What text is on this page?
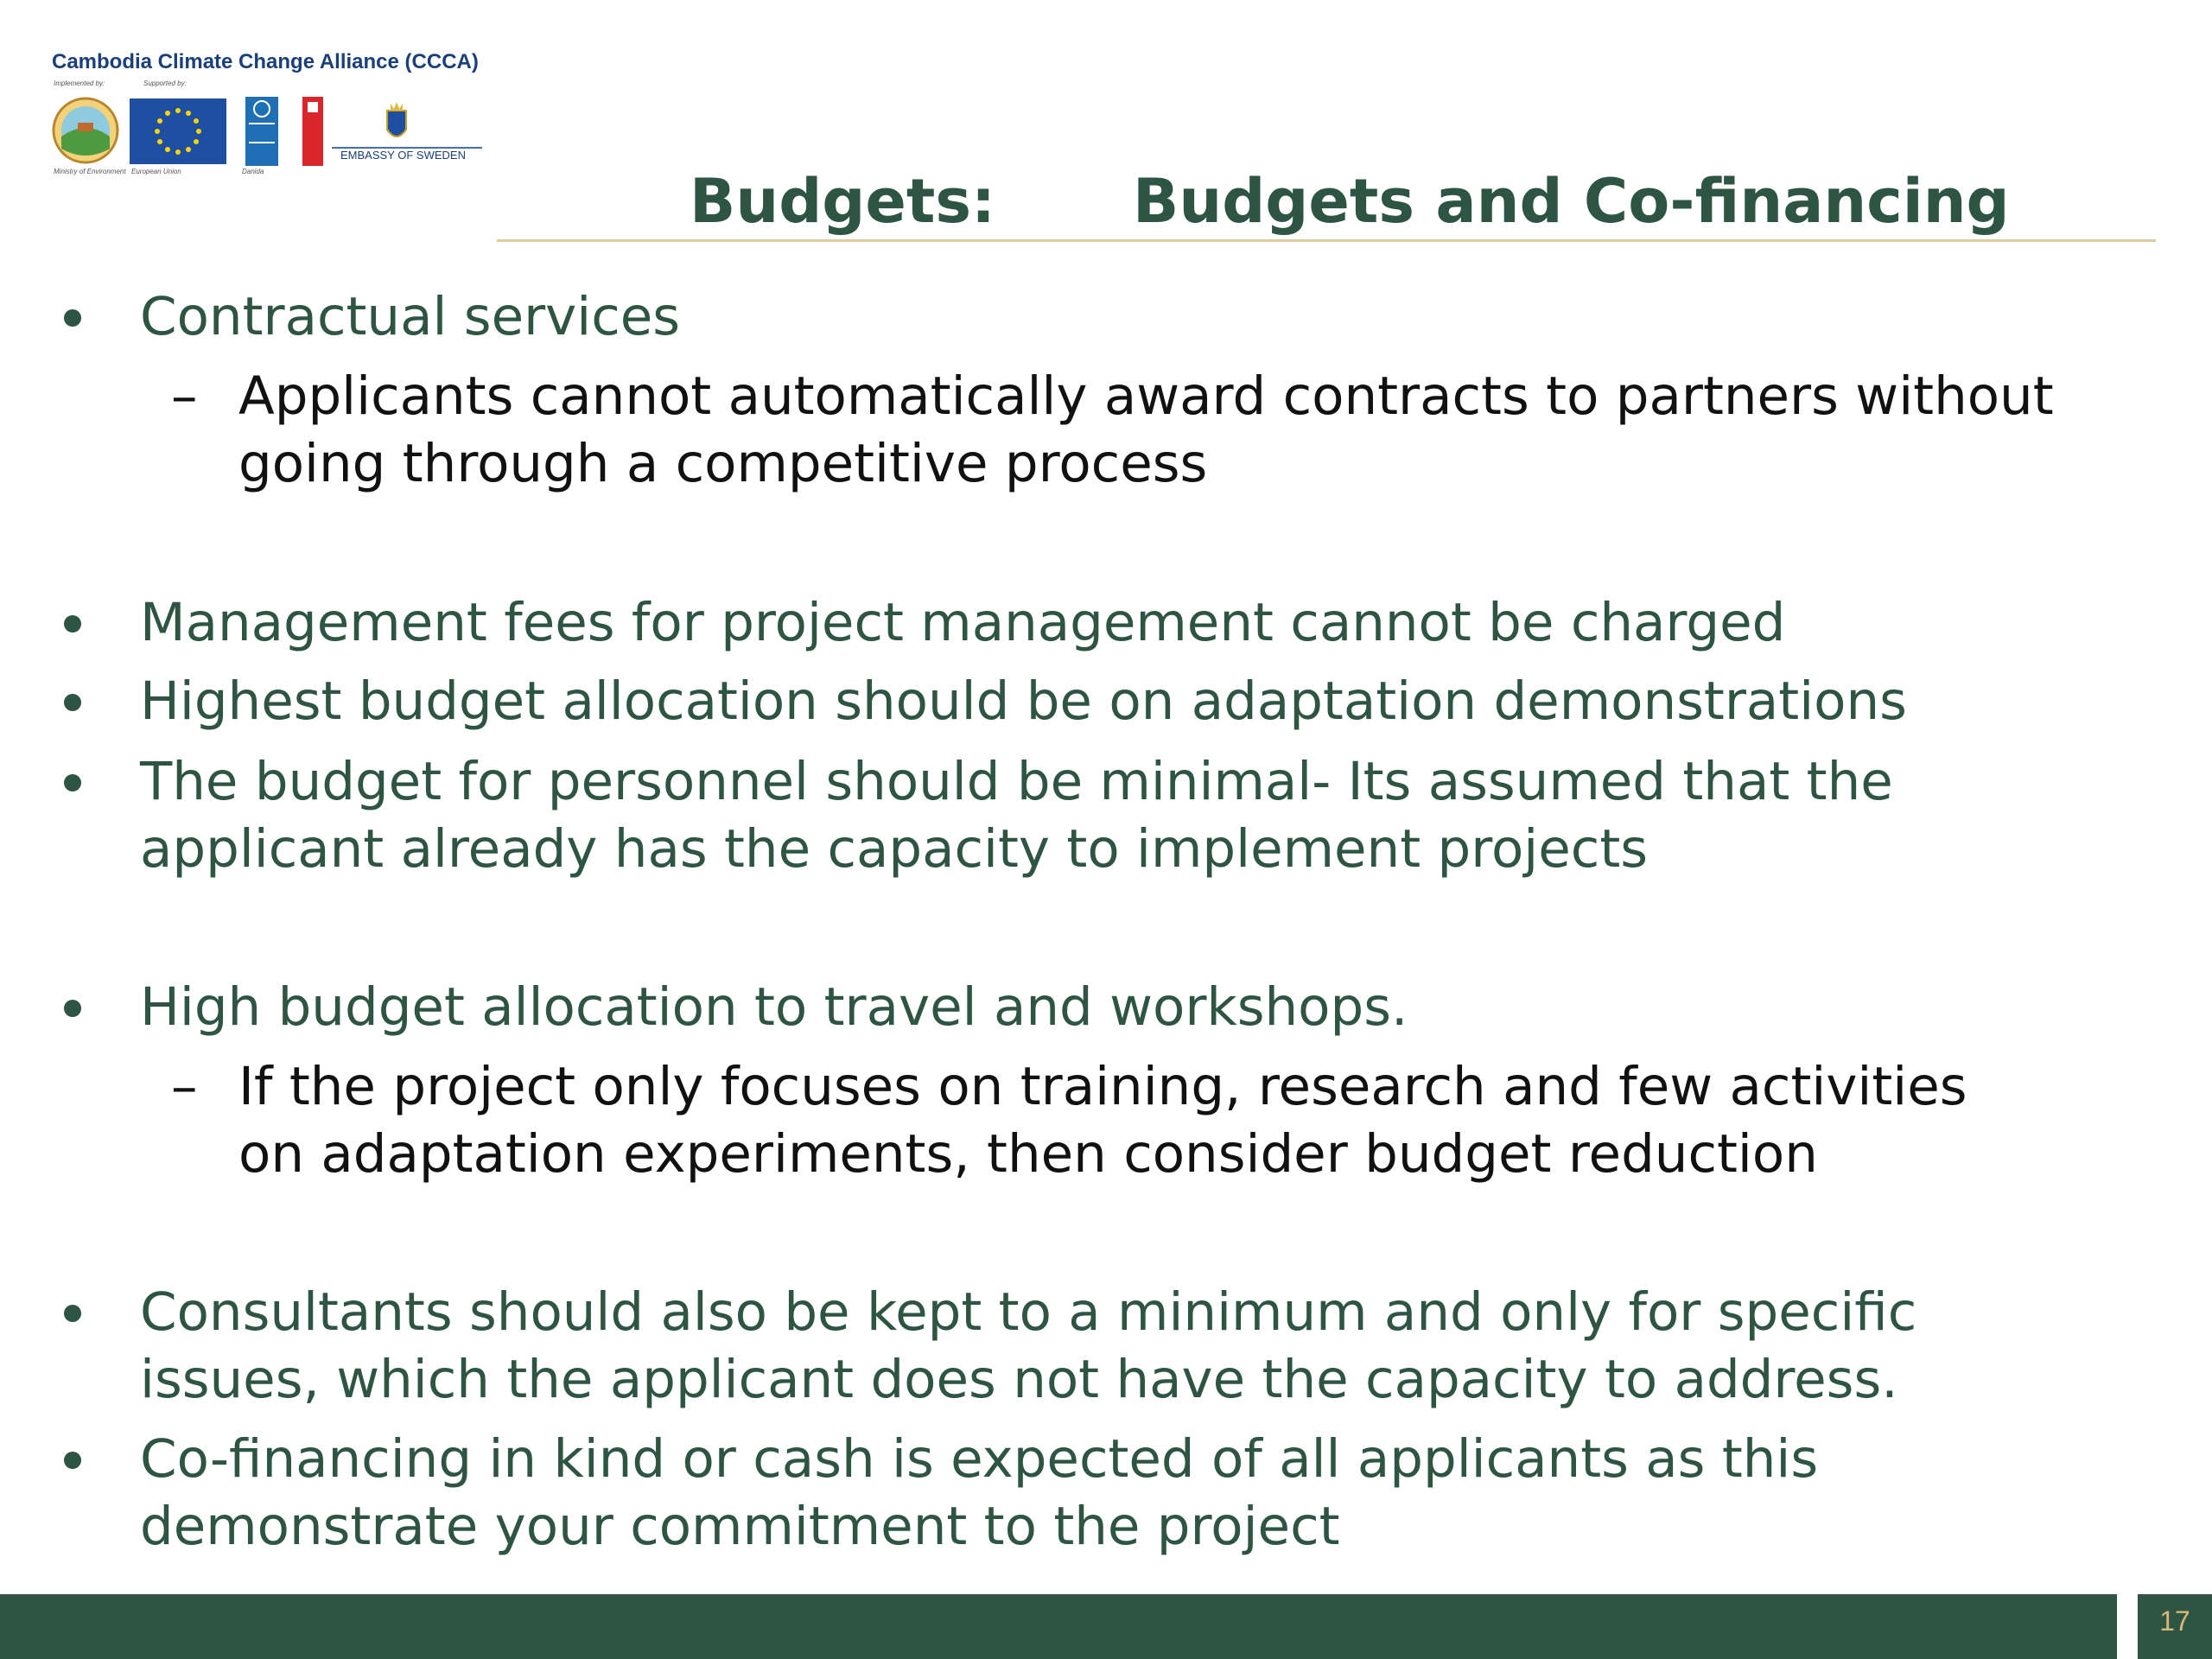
Cambodia Climate Change Alliance (CCCA)
Implemented by:	Supported by:
Ministry of Environment European Union	Danida
EMBASSY OF SWEDEN
Budgets: Budgets and Co-financing
Contractual services
– Applicants cannot automatically award contracts to partners without
going through a competitive process
Management fees for project management cannot be charged
Highest budget allocation should be on adaptation demonstrations
The budget for personnel should be minimal- Its assumed that the
applicant already has the capacity to implement projects
High budget allocation to travel and workshops.
– If the project only focuses on training, research and few activities
on adaptation experiments, then consider budget reduction
Consultants should also be kept to a minimum and only for specific
issues, which the applicant does not have the capacity to address.
Co-financing in kind or cash is expected of all applicants as this
demonstrate your commitment to the project
17
